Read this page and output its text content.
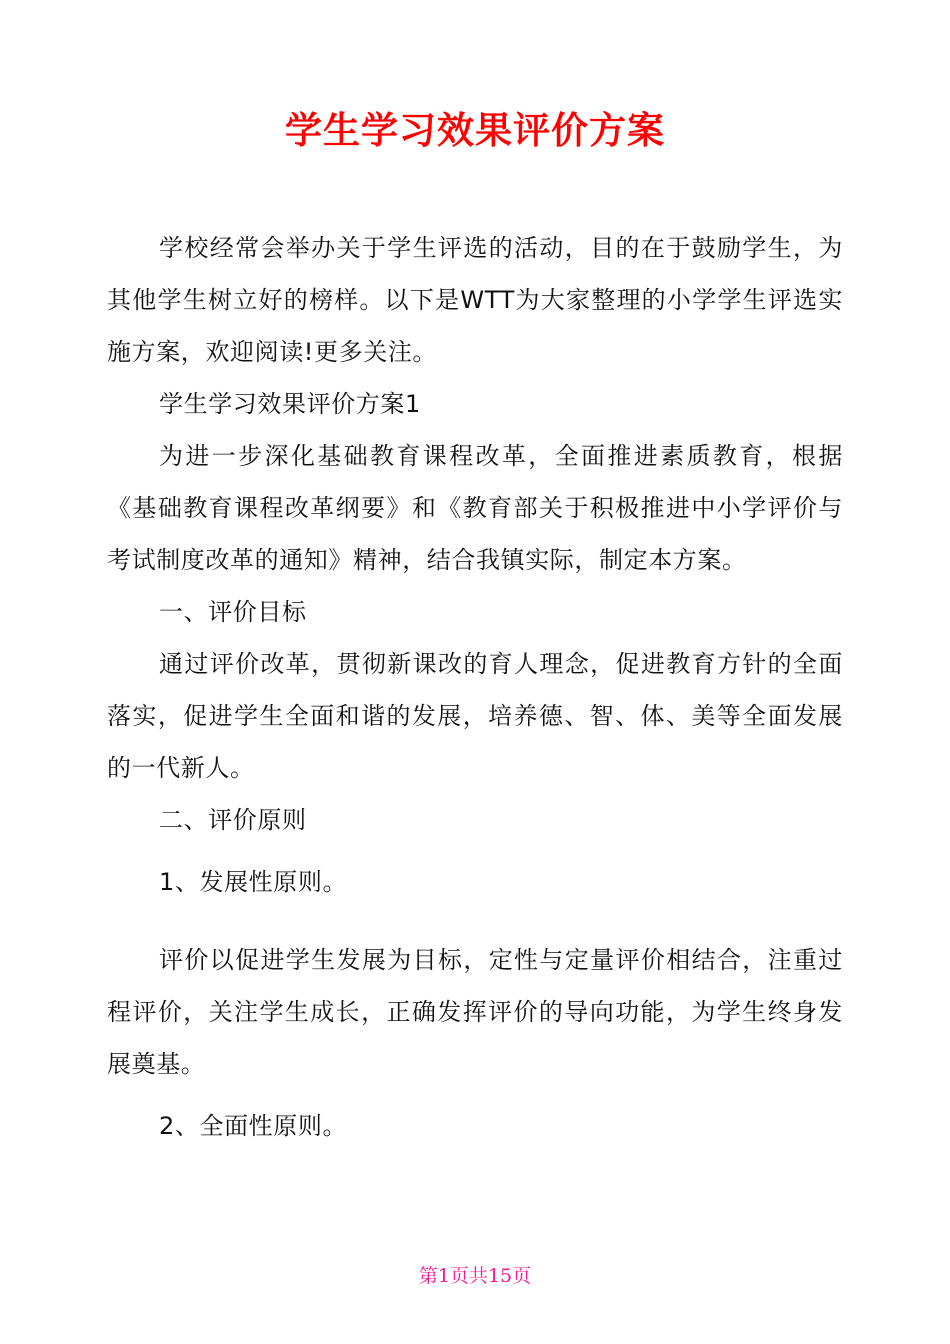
学生学习效果评价方案

学校经常会举办关于学生评选的活动，目的在于鼓励学生，为其他学生树立好的榜样。以下是WTT为大家整理的小学学生评选实施方案，欢迎阅读!更多关注。

学生学习效果评价方案1

为进一步深化基础教育课程改革，全面推进素质教育，根据《基础教育课程改革纲要》和《教育部关于积极推进中小学评价与考试制度改革的通知》精神，结合我镇实际，制定本方案。

一、评价目标

通过评价改革，贯彻新课改的育人理念，促进教育方针的全面落实，促进学生全面和谐的发展，培养德、智、体、美等全面发展的一代新人。

二、评价原则

1、发展性原则。

评价以促进学生发展为目标，定性与定量评价相结合，注重过程评价，关注学生成长，正确发挥评价的导向功能，为学生终身发展奠基。

2、全面性原则。

第1页共15页
